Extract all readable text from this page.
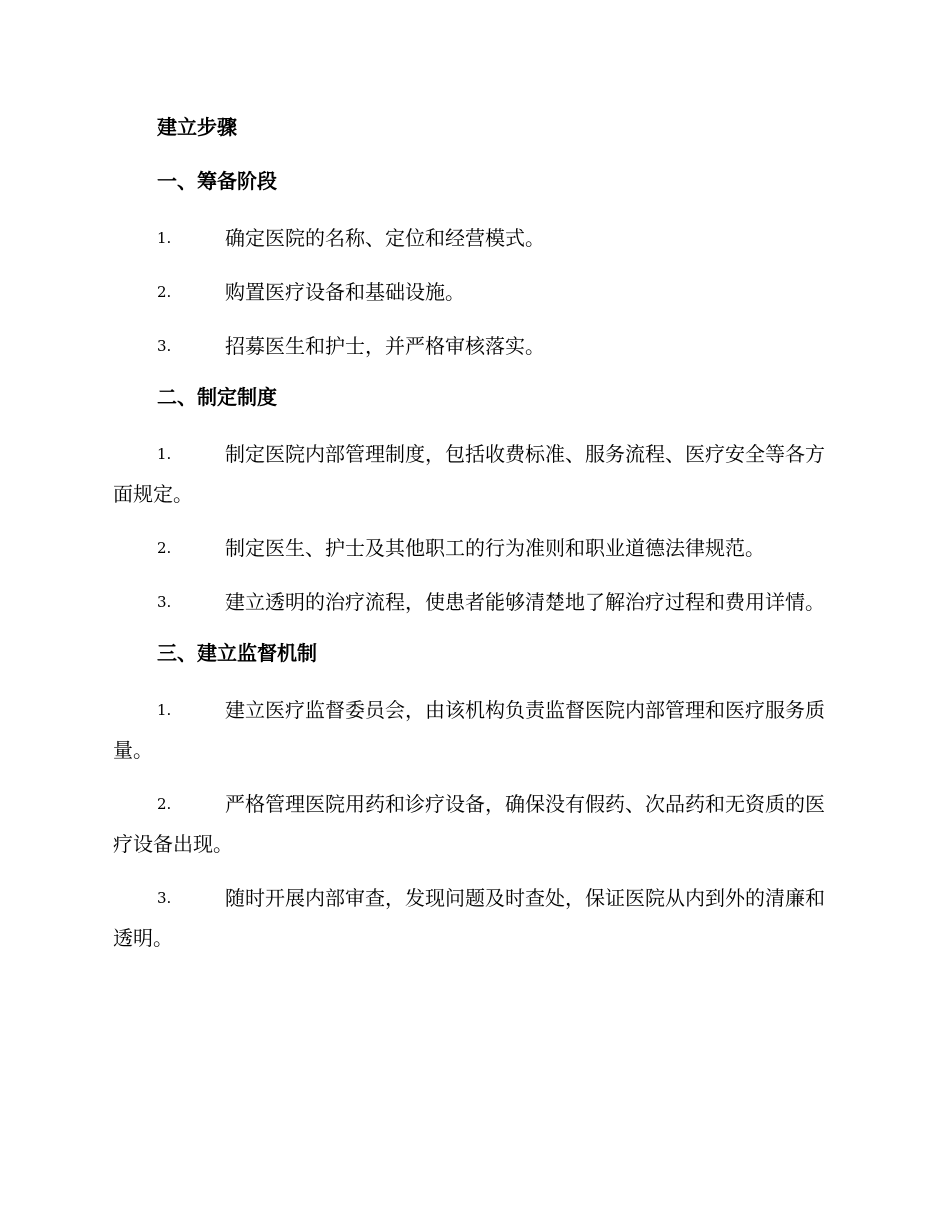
建立步骤

一、筹备阶段

1.	确定医院的名称、定位和经营模式。

2.	购置医疗设备和基础设施。

3.	招募医生和护士，并严格审核落实。

二、制定制度

1.	制定医院内部管理制度，包括收费标准、服务流程、医疗安全等各方面规定。

2.	制定医生、护士及其他职工的行为准则和职业道德法律规范。

3.	建立透明的治疗流程，使患者能够清楚地了解治疗过程和费用详情。

三、建立监督机制

1.	建立医疗监督委员会，由该机构负责监督医院内部管理和医疗服务质量。

2.	严格管理医院用药和诊疗设备，确保没有假药、次品药和无资质的医疗设备出现。

3.	随时开展内部审查，发现问题及时查处，保证医院从内到外的清廉和透明。
